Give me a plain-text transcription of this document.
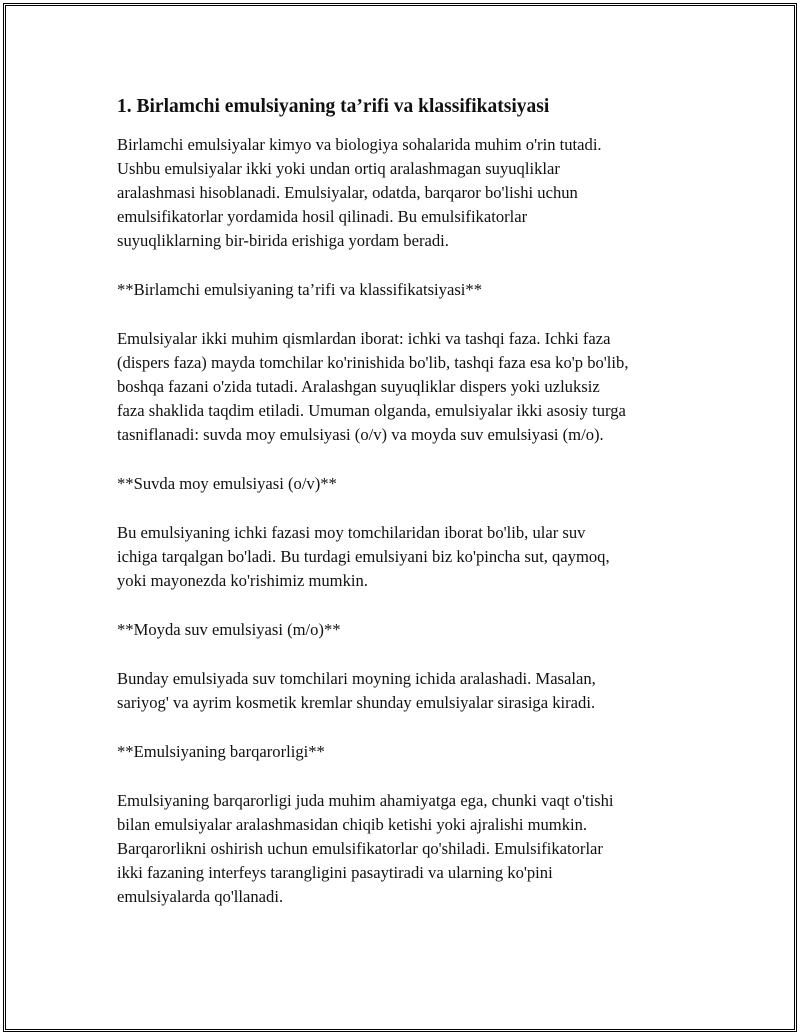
1. Birlamchi emulsiyaning ta’rifi va klassifikatsiyasi

Birlamchi emulsiyalar kimyo va biologiya sohalarida muhim o'rin tutadi.
Ushbu emulsiyalar ikki yoki undan ortiq aralashmagan suyuqliklar
aralashmasi hisoblanadi. Emulsiyalar, odatda, barqaror bo'lishi uchun
emulsifikatorlar yordamida hosil qilinadi. Bu emulsifikatorlar
suyuqliklarning bir-birida erishiga yordam beradi.

**Birlamchi emulsiyaning ta’rifi va klassifikatsiyasi**

Emulsiyalar ikki muhim qismlardan iborat: ichki va tashqi faza. Ichki faza
(dispers faza) mayda tomchilar ko'rinishida bo'lib, tashqi faza esa ko'p bo'lib,
boshqa fazani o'zida tutadi. Aralashgan suyuqliklar dispers yoki uzluksiz
faza shaklida taqdim etiladi. Umuman olganda, emulsiyalar ikki asosiy turga
tasniflanadi: suvda moy emulsiyasi (o/v) va moyda suv emulsiyasi (m/o).

**Suvda moy emulsiyasi (o/v)**

Bu emulsiyaning ichki fazasi moy tomchilaridan iborat bo'lib, ular suv
ichiga tarqalgan bo'ladi. Bu turdagi emulsiyani biz ko'pincha sut, qaymoq,
yoki mayonezda ko'rishimiz mumkin.

**Moyda suv emulsiyasi (m/o)**

Bunday emulsiyada suv tomchilari moyning ichida aralashadi. Masalan,
sariyog' va ayrim kosmetik kremlar shunday emulsiyalar sirasiga kiradi.

**Emulsiyaning barqarorligi**

Emulsiyaning barqarorligi juda muhim ahamiyatga ega, chunki vaqt o'tishi
bilan emulsiyalar aralashmasidan chiqib ketishi yoki ajralishi mumkin.
Barqarorlikni oshirish uchun emulsifikatorlar qo'shiladi. Emulsifikatorlar
ikki fazaning interfeys tarangligini pasaytiradi va ularning ko'pini
emulsiyalarda qo'llanadi.
